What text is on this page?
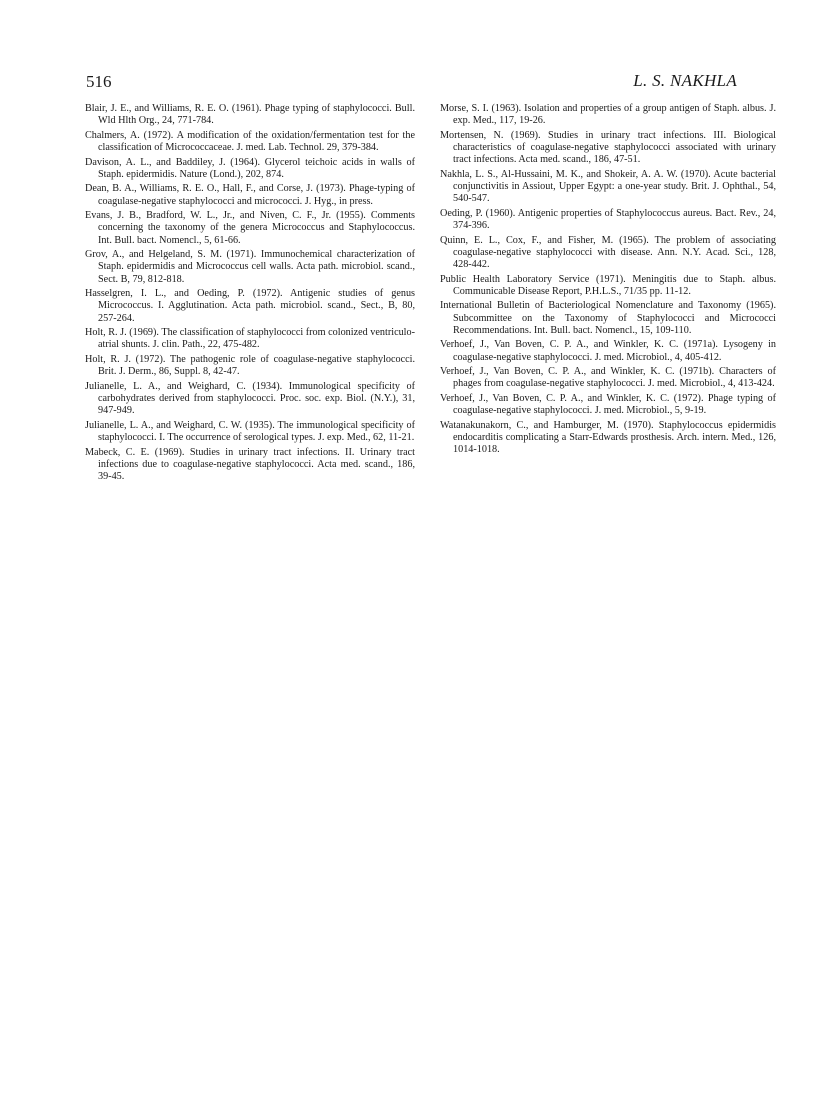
516	L. S. NAKHLA

Blair, J. E., and Williams, R. E. O. (1961). Phage typing of staphylococci. Bull. Wld Hlth Org., 24, 771-784.

Chalmers, A. (1972). A modification of the oxidation/fermentation test for the classification of Micrococcaceae. J. med. Lab. Technol. 29, 379-384.

Davison, A. L., and Baddiley, J. (1964). Glycerol teichoic acids in walls of Staph. epidermidis. Nature (Lond.), 202, 874.

Dean, B. A., Williams, R. E. O., Hall, F., and Corse, J. (1973). Phage-typing of coagulase-negative staphylococci and micrococci. J. Hyg., in press.

Evans, J. B., Bradford, W. L., Jr., and Niven, C. F., Jr. (1955). Comments concerning the taxonomy of the genera Micrococcus and Staphylococcus. Int. Bull. bact. Nomencl., 5, 61-66.

Grov, A., and Helgeland, S. M. (1971). Immunochemical characterization of Staph. epidermidis and Micrococcus cell walls. Acta path. microbiol. scand., Sect. B, 79, 812-818.

Hasselgren, I. L., and Oeding, P. (1972). Antigenic studies of genus Micrococcus. I. Agglutination. Acta path. microbiol. scand., Sect., B, 80, 257-264.

Holt, R. J. (1969). The classification of staphylococci from colonized ventriculo-atrial shunts. J. clin. Path., 22, 475-482.

Holt, R. J. (1972). The pathogenic role of coagulase-negative staphylococci. Brit. J. Derm., 86, Suppl. 8, 42-47.

Julianelle, L. A., and Weighard, C. (1934). Immunological specificity of carbohydrates derived from staphylococci. Proc. soc. exp. Biol. (N.Y.), 31, 947-949.

Julianelle, L. A., and Weighard, C. W. (1935). The immunological specificity of staphylococci. I. The occurrence of serological types. J. exp. Med., 62, 11-21.

Mabeck, C. E. (1969). Studies in urinary tract infections. II. Urinary tract infections due to coagulase-negative staphylococci. Acta med. scand., 186, 39-45.

Morse, S. I. (1963). Isolation and properties of a group antigen of Staph. albus. J. exp. Med., 117, 19-26.

Mortensen, N. (1969). Studies in urinary tract infections. III. Biological characteristics of coagulase-negative staphylococci associated with urinary tract infections. Acta med. scand., 186, 47-51.

Nakhla, L. S., Al-Hussaini, M. K., and Shokeir, A. A. W. (1970). Acute bacterial conjunctivitis in Assiout, Upper Egypt: a one-year study. Brit. J. Ophthal., 54, 540-547.

Oeding, P. (1960). Antigenic properties of Staphylococcus aureus. Bact. Rev., 24, 374-396.

Quinn, E. L., Cox, F., and Fisher, M. (1965). The problem of associating coagulase-negative staphylococci with disease. Ann. N.Y. Acad. Sci., 128, 428-442.

Public Health Laboratory Service (1971). Meningitis due to Staph. albus. Communicable Disease Report, P.H.L.S., 71/35 pp. 11-12.

International Bulletin of Bacteriological Nomenclature and Taxonomy (1965). Subcommittee on the Taxonomy of Staphylococci and Micrococci Recommendations. Int. Bull. bact. Nomencl., 15, 109-110.

Verhoef, J., Van Boven, C. P. A., and Winkler, K. C. (1971a). Lysogeny in coagulase-negative staphylococci. J. med. Microbiol., 4, 405-412.

Verhoef, J., Van Boven, C. P. A., and Winkler, K. C. (1971b). Characters of phages from coagulase-negative staphylococci. J. med. Microbiol., 4, 413-424.

Verhoef, J., Van Boven, C. P. A., and Winkler, K. C. (1972). Phage typing of coagulase-negative staphylococci. J. med. Microbiol., 5, 9-19.

Watanakunakorn, C., and Hamburger, M. (1970). Staphylococcus epidermidis endocarditis complicating a Starr-Edwards prosthesis. Arch. intern. Med., 126, 1014-1018.
